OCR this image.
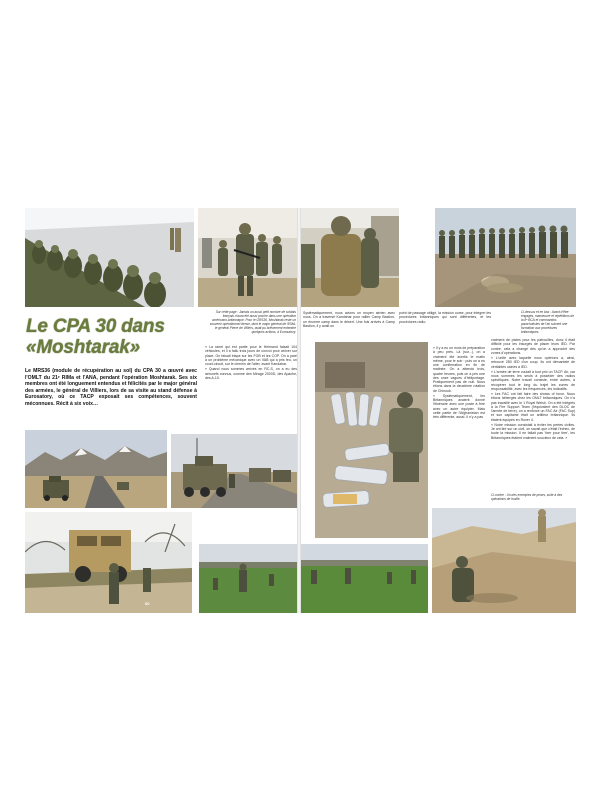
Le CPA 30 dans
«Moshtarak»

Le MRS36 (module de récupération au sol) du CPA 30 a œuvré avec l'OMLT du 21ᵉ RIMa et l'ANA, pendant l'opération Moshtarak. Ses six membres ont été longuement entendus et félicités par le major général des armées, le général de Villiers, lors de sa visite au stand défense à Eurosatory, où ce TACP exposait ses compétences, souvent méconnues. Récit à six voix…

Sur cette page : Jamais un aussi petit nombre de soldats français n'aura été aussi proche dans une opération américano-britannique. Pour le GRS36, Moshtarak reste un souvenir opérationnel dense, dont le major général de l'EMA, le général Pierre de Villiers, avait pu brièvement entendre quelques actions, à Eurosatory.

« La ramé qui est partie pour le Helmand faisait 104 véhicules, et il a fallu trois jours de convoi pour arriver sur place. On faisait étape sur les FOB et les COP. On a paré à un problème mécanique avec un VAB qui a pris feu, un court-circuit, sur le chemin de l'aller, avant Kandahar.

« Quand nous sommes arrivés en RC-S, on a eu des aéronefs connus, comme des Mirage 2000D, des Apache, des A-10.

60

Systématiquement, nous avions un moyen aérien avec nous. On a traversé Kandahar pour rallier Camp Bastion, un énorme camp dans le désert. Une fois arrivés à Camp Bastion, il y avait un

point de passage obligé, la mission ourse, pour intégrer les procédures britanniques qui sont différentes, et les procédures radio.

« Il y a eu un mois de préparation à peu près. Là (sur...), on a vraiment été avertis le matin même, pour le soir : puis on a eu une confirmation en fin de matinée. On a attendu trois, quatre heures, puis on a pris une des onze vagues d'héliportage. Pratiquement pas de nuit. Nous étions dans la deuxième rotation de Chinook.

« Systématiquement, les Britanniques avaient donné l'itinéraire avec une poste à frire avec un autre équipier. Mais cette partie de l'Afghanistan est très différente, aussi. Il n'y a pas

Ci-dessus et en bas : Avant d'être engagés, manœuvre et répétitions de la 8ᵉ BCA et commandos parachutistes de l'air suivent une formation aux procédures britanniques.

vraiment de pistes pour les patrouilles, donc il était difficile pour les insurgés de placer leurs IED. Par contre, cela a changé dès qu'on a approché des zones d'opérations.

« L'unité avec laquelle nous opérions a, ainsi, retrouvé 280 IED d'un coup. Ils ont démantelé de véritables usines à IED.

« L'armée de terre voulait à tout prix un TACP. Air, car nous sommes les seuls à posséder des radios spécifiques. Notre travail consiste, entre autres, à récupérer tout le long du trajet les zones de responsabilité, avec les fréquences, les indicatifs.

« Les FAC ont fait faire des shows of force. Nous étions hébergés chez les OMLT britanniques. On n'a pas travaillé avec le 1 Royal Welsh. On a été intégrés à la Fire Support Team (l'équivalent des DLOC de l'armée de terre), on a renforcé un FAC Air (FAC Sup) et son capitaine était un artilleur britannique. Ils étaient équipés en Rover 4.

« Notre mission consistait à éviter les pertes civiles. Je ont tiré sur un civil, on savait que c'était l'échec, de toute la mission. Il ne fallait pas 'tirer pour tirer', les Britanniques étaient vraiment soucieux de cela. »

Ci-contre : Un des exemples de prises, suite à des opérations de fouille.
